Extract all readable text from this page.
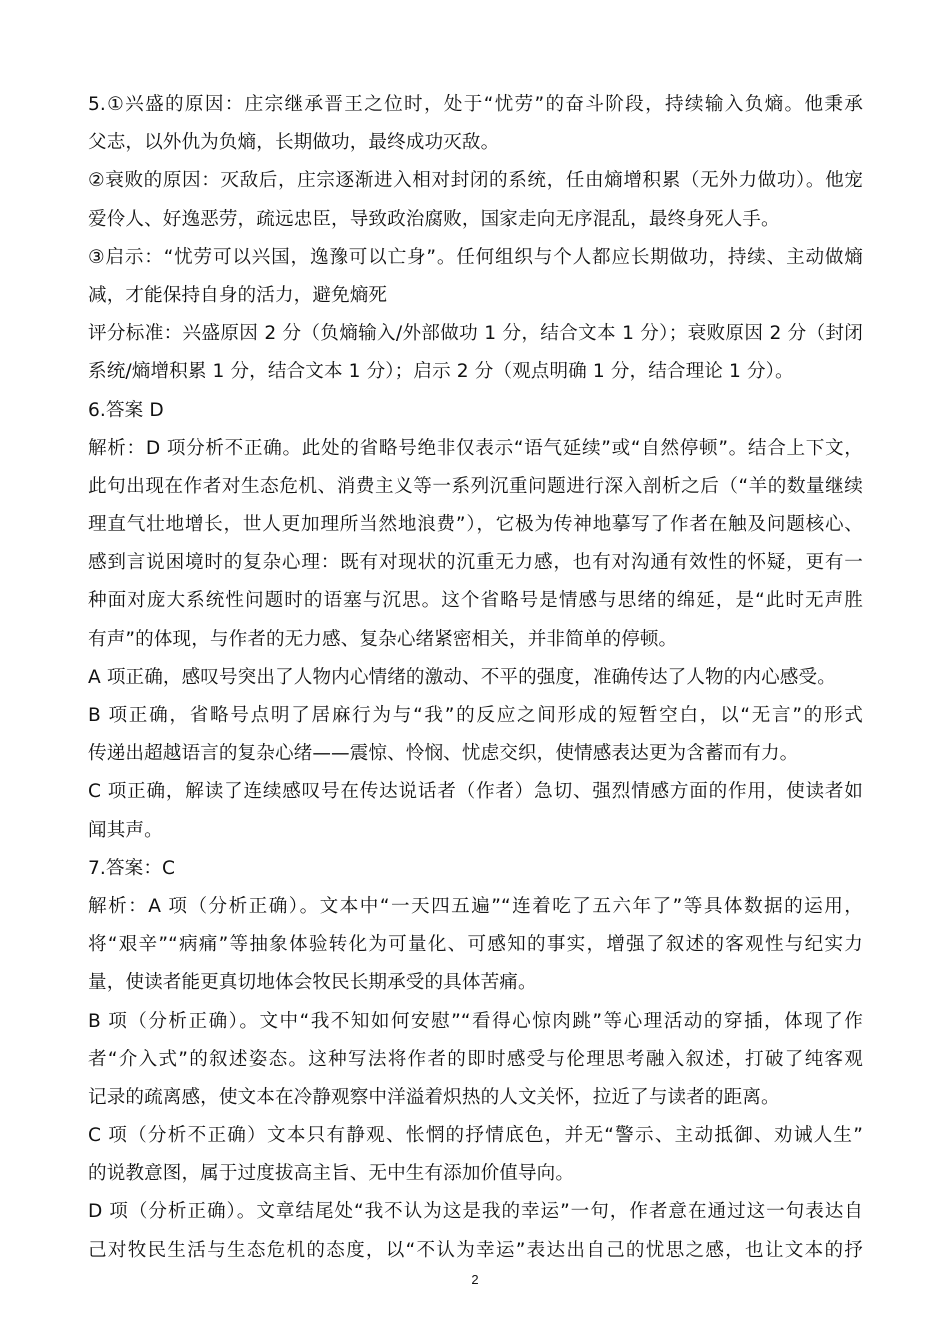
5.①兴盛的原因：庄宗继承晋王之位时，处于“忧劳”的奋斗阶段，持续输入负熵。他秉承
父志，以外仇为负熵，长期做功，最终成功灭敌。
②衰败的原因：灭敌后，庄宗逐渐进入相对封闭的系统，任由熵增积累（无外力做功）。他宠
爱伶人、好逸恶劳，疏远忠臣，导致政治腐败，国家走向无序混乱，最终身死人手。
③启示：“忧劳可以兴国，逸豫可以亡身”。任何组织与个人都应长期做功，持续、主动做熵
减，才能保持自身的活力，避免熵死
评分标准：兴盛原因 2 分（负熵输入/外部做功 1 分，结合文本 1 分）；衰败原因 2 分（封闭
系统/熵增积累 1 分，结合文本 1 分）；启示 2 分（观点明确 1 分，结合理论 1 分）。
6.答案 D
解析：D 项分析不正确。此处的省略号绝非仅表示“语气延续”或“自然停顿”。结合上下文，
此句出现在作者对生态危机、消费主义等一系列沉重问题进行深入剖析之后（“羊的数量继续
理直气壮地增长，世人更加理所当然地浪费”），它极为传神地摹写了作者在触及问题核心、
感到言说困境时的复杂心理：既有对现状的沉重无力感，也有对沟通有效性的怀疑，更有一
种面对庞大系统性问题时的语塞与沉思。这个省略号是情感与思绪的绵延，是“此时无声胜
有声”的体现，与作者的无力感、复杂心绪紧密相关，并非简单的停顿。
A 项正确，感叹号突出了人物内心情绪的激动、不平的强度，准确传达了人物的内心感受。
B 项正确，省略号点明了居麻行为与“我”的反应之间形成的短暂空白，以“无言”的形式
传递出超越语言的复杂心绪——震惊、怜悯、忧虑交织，使情感表达更为含蓄而有力。
C 项正确，解读了连续感叹号在传达说话者（作者）急切、强烈情感方面的作用，使读者如
闻其声。
7.答案：C
解析：A 项（分析正确）。文本中“一天四五遍”“连着吃了五六年了”等具体数据的运用，
将“艰辛”“病痛”等抽象体验转化为可量化、可感知的事实，增强了叙述的客观性与纪实力
量，使读者能更真切地体会牧民长期承受的具体苦痛。
B 项（分析正确）。文中“我不知如何安慰”“看得心惊肉跳”等心理活动的穿插，体现了作
者“介入式”的叙述姿态。这种写法将作者的即时感受与伦理思考融入叙述，打破了纯客观
记录的疏离感，使文本在冷静观察中洋溢着炽热的人文关怀，拉近了与读者的距离。
C 项（分析不正确）文本只有静观、怅惘的抒情底色，并无“警示、主动抵御、劝诫人生”
的说教意图，属于过度拔高主旨、无中生有添加价值导向。
D 项（分析正确）。文章结尾处“我不认为这是我的幸运”一句，作者意在通过这一句表达自
己对牧民生活与生态危机的态度，以“不认为幸运”表达出自己的忧思之感，也让文本的抒
2
